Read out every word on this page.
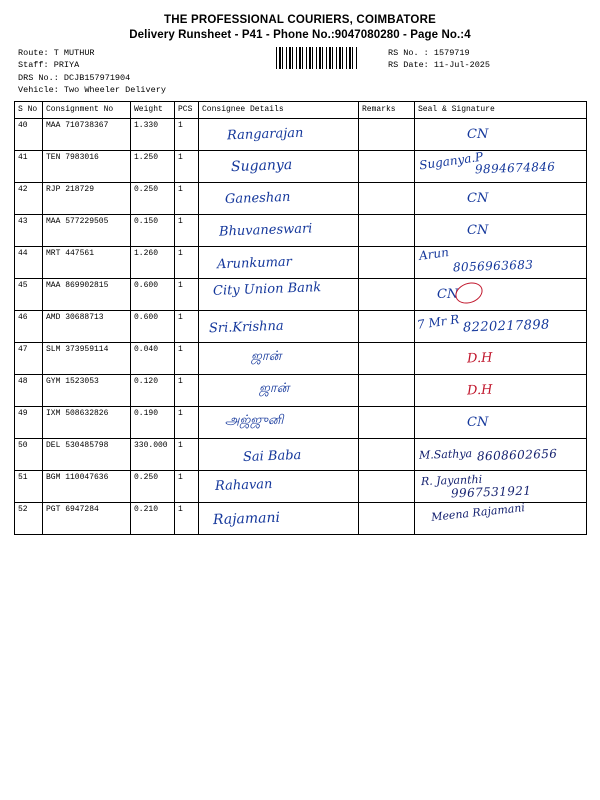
THE PROFESSIONAL COURIERS, COIMBATORE
Delivery Runsheet - P41 - Phone No.:9047080280 - Page No.:4
Route: T MUTHUR
Staff: PRIYA
DRS No.: DCJB157971904
Vehicle: Two Wheeler Delivery
RS No. : 1579719
RS Date: 11-Jul-2025
S No	Consignment No	Weight	PCS	Consignee Details	Remarks	Seal & Signature
40	MAA 710738367	1.330	1	Rangarajan		CN

41	TEN 7983016	1.250	1	Suganya		Suganya.P
9894674846

42	RJP 218729	0.250	1	Ganeshan		CN

43	MAA 577229505	0.150	1	Bhuvaneswari		CN

44	MRT 447561	1.260	1	Arunkumar		Arun
8056963683

45	MAA 869902815	0.600	1	City Union Bank		CN

46	AMD 30688713	0.600	1	Sri.Krishna		7 Mr R 8220217898

47	SLM 373959114	0.040	1	ஜான்		D.H

48	GYM 1523053	0.120	1	ஜான்		D.H

49	IXM 508632826	0.190	1	அஜ்ஜுனி		CN

50	DEL 530485798	330.000	1	Sai Baba		M.Sathya 8608602656

51	BGM 110047636	0.250	1	Rahavan		R. Jayanthi
9967531921

52	PGT 6947284	0.210	1	Rajamani		Meena Rajamani
